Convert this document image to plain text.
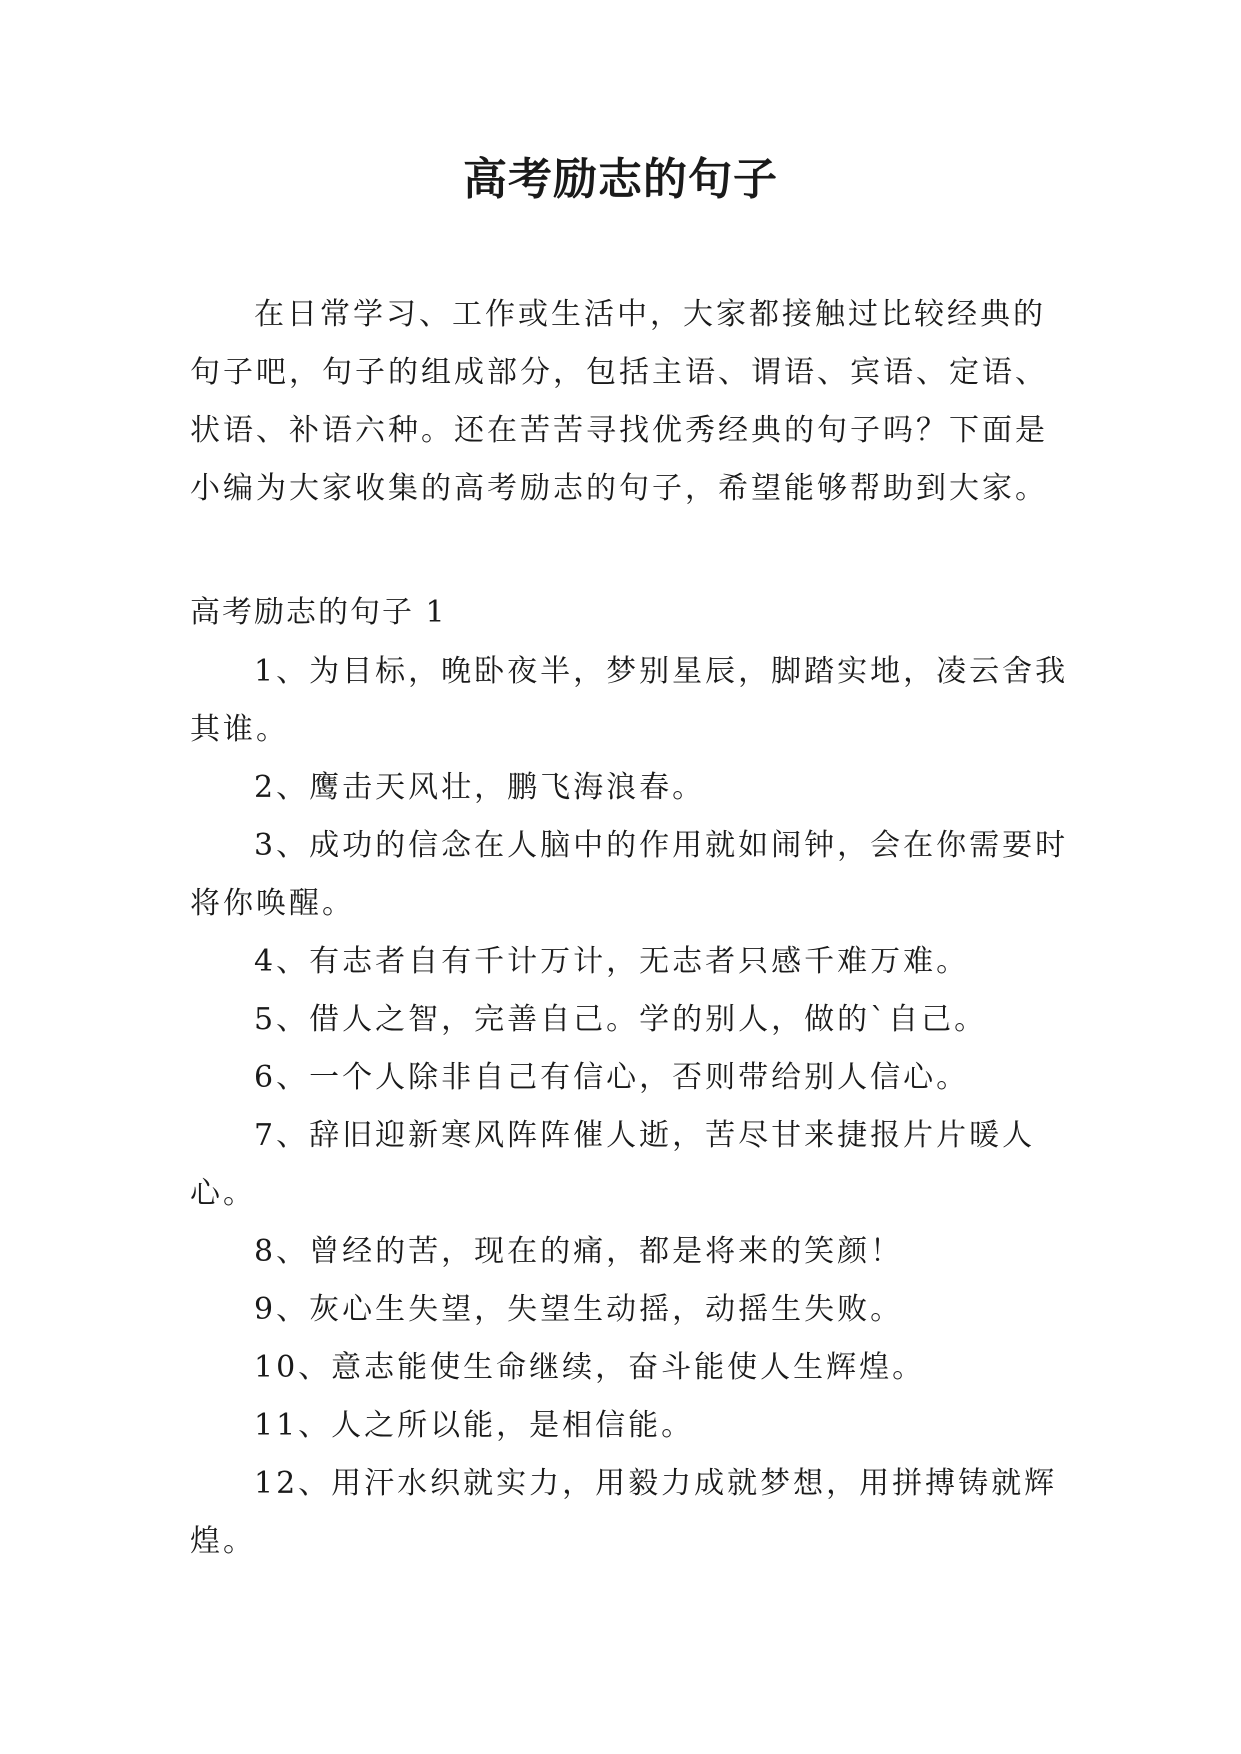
高考励志的句子

在日常学习、工作或生活中，大家都接触过比较经典的句子吧，句子的组成部分，包括主语、谓语、宾语、定语、状语、补语六种。还在苦苦寻找优秀经典的句子吗？下面是小编为大家收集的高考励志的句子，希望能够帮助到大家。

高考励志的句子 1
1、为目标，晚卧夜半，梦别星辰，脚踏实地，凌云舍我其谁。
2、鹰击天风壮，鹏飞海浪春。
3、成功的信念在人脑中的作用就如闹钟，会在你需要时将你唤醒。
4、有志者自有千计万计，无志者只感千难万难。
5、借人之智，完善自己。学的别人，做的`自己。
6、一个人除非自己有信心，否则带给别人信心。
7、辞旧迎新寒风阵阵催人逝，苦尽甘来捷报片片暖人心。
8、曾经的苦，现在的痛，都是将来的笑颜！
9、灰心生失望，失望生动摇，动摇生失败。
10、意志能使生命继续，奋斗能使人生辉煌。
11、人之所以能，是相信能。
12、用汗水织就实力，用毅力成就梦想，用拼搏铸就辉煌。
